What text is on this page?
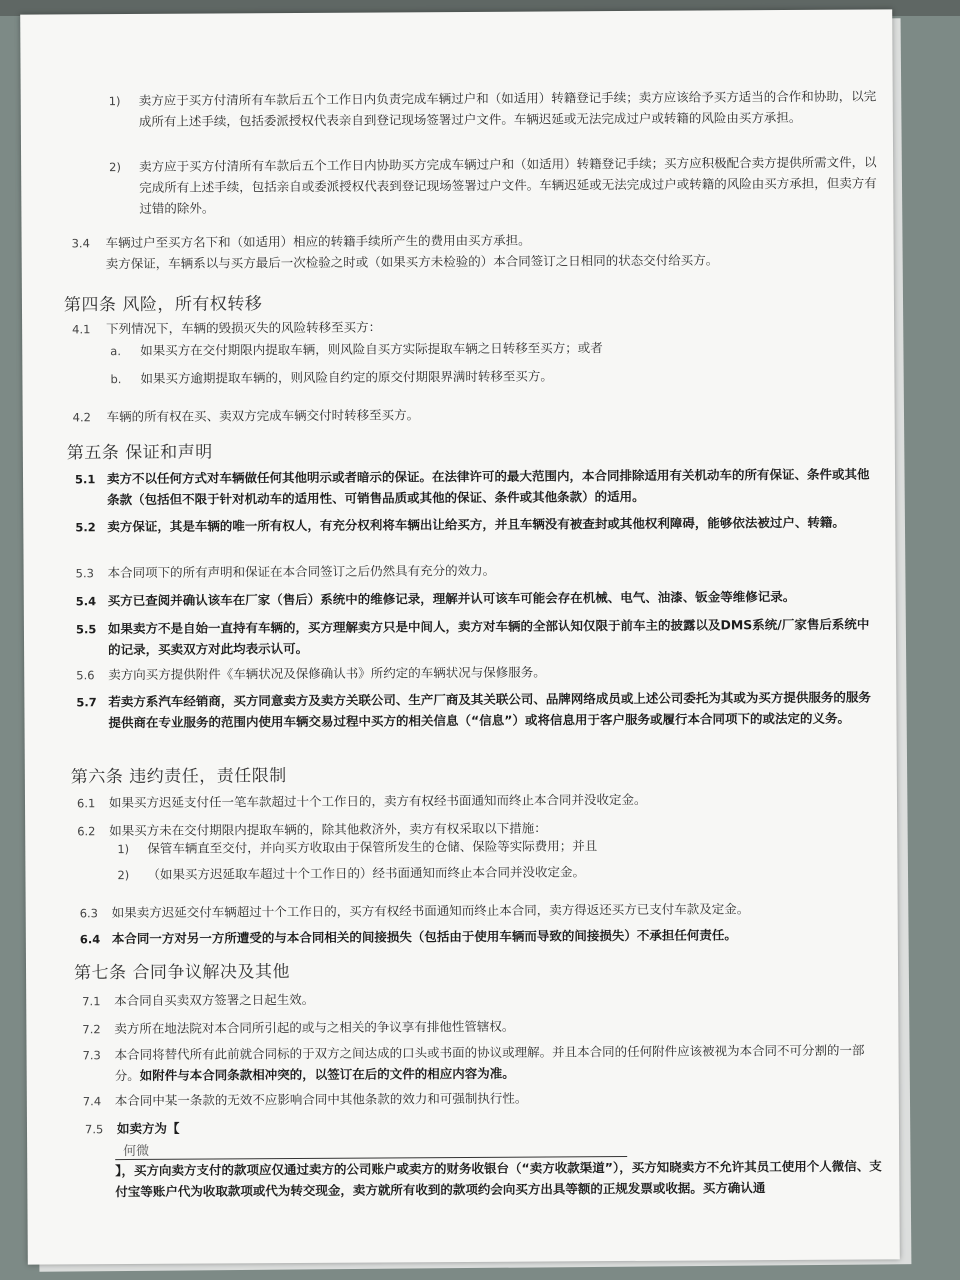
1) 卖方应于买方付清所有车款后五个工作日内负责完成车辆过户和（如适用）转籍登记手续；卖方应该给予买方适当的合作和协助，以完成所有上述手续，包括委派授权代表亲自到登记现场签署过户文件。车辆迟延或无法完成过户或转籍的风险由买方承担。
2) 卖方应于买方付清所有车款后五个工作日内协助买方完成车辆过户和（如适用）转籍登记手续；买方应积极配合卖方提供所需文件，以完成所有上述手续，包括亲自或委派授权代表到登记现场签署过户文件。车辆迟延或无法完成过户或转籍的风险由买方承担，但卖方有过错的除外。
3.4 车辆过户至买方名下和（如适用）相应的转籍手续所产生的费用由买方承担。
卖方保证，车辆系以与买方最后一次检验之时或（如果买方未检验的）本合同签订之日相同的状态交付给买方。
第四条 风险，所有权转移
4.1 下列情况下，车辆的毁损灭失的风险转移至买方：
a. 如果买方在交付期限内提取车辆，则风险自买方实际提取车辆之日转移至买方；或者
b. 如果买方逾期提取车辆的，则风险自约定的原交付期限界满时转移至买方。
4.2 车辆的所有权在买、卖双方完成车辆交付时转移至买方。
第五条 保证和声明
5.1 卖方不以任何方式对车辆做任何其他明示或者暗示的保证。在法律许可的最大范围内，本合同排除适用有关机动车的所有保证、条件或其他条款（包括但不限于针对机动车的适用性、可销售品质或其他的保证、条件或其他条款）的适用。
5.2 卖方保证，其是车辆的唯一所有权人，有充分权利将车辆出让给买方，并且车辆没有被查封或其他权利障碍，能够依法被过户、转籍。
5.3 本合同项下的所有声明和保证在本合同签订之后仍然具有充分的效力。
5.4 买方已查阅并确认该车在厂家（售后）系统中的维修记录，理解并认可该车可能会存在机械、电气、油漆、钣金等维修记录。
5.5 如果卖方不是自始一直持有车辆的，买方理解卖方只是中间人，卖方对车辆的全部认知仅限于前车主的披露以及DMS系统/厂家售后系统中的记录，买卖双方对此均表示认可。
5.6 卖方向买方提供附件《车辆状况及保修确认书》所约定的车辆状况与保修服务。
5.7 若卖方系汽车经销商，买方同意卖方及卖方关联公司、生产厂商及其关联公司、品牌网络成员或上述公司委托为其或为买方提供服务的服务提供商在专业服务的范围内使用车辆交易过程中买方的相关信息（“信息”）或将信息用于客户服务或履行本合同项下的或法定的义务。
第六条 违约责任，责任限制
6.1 如果买方迟延支付任一笔车款超过十个工作日的，卖方有权经书面通知而终止本合同并没收定金。
6.2 如果买方未在交付期限内提取车辆的，除其他救济外，卖方有权采取以下措施：
1) 保管车辆直至交付，并向买方收取由于保管所发生的仓储、保险等实际费用；并且
2) （如果买方迟延取车超过十个工作日的）经书面通知而终止本合同并没收定金。
6.3 如果卖方迟延交付车辆超过十个工作日的，买方有权经书面通知而终止本合同，卖方得返还买方已支付车款及定金。
6.4 本合同一方对另一方所遭受的与本合同相关的间接损失（包括由于使用车辆而导致的间接损失）不承担任何责任。
第七条 合同争议解决及其他
7.1 本合同自买卖双方签署之日起生效。
7.2 卖方所在地法院对本合同所引起的或与之相关的争议享有排他性管辖权。
7.3 本合同将替代所有此前就合同标的于双方之间达成的口头或书面的协议或理解。并且本合同的任何附件应该被视为本合同不可分割的一部分。如附件与本合同条款相冲突的，以签订在后的文件的相应内容为准。
7.4 本合同中某一条款的无效不应影响合同中其他条款的效力和可强制执行性。
7.5 如卖方为【
何微
】，买方向卖方支付的款项应仅通过卖方的公司账户或卖方的财务收银台（“卖方收款渠道”），买方知晓卖方不允许其员工使用个人微信、支付宝等账户代为收取款项或代为转交现金，卖方就所有收到的款项约会向买方出具等额的正规发票或收据。买方确认通
